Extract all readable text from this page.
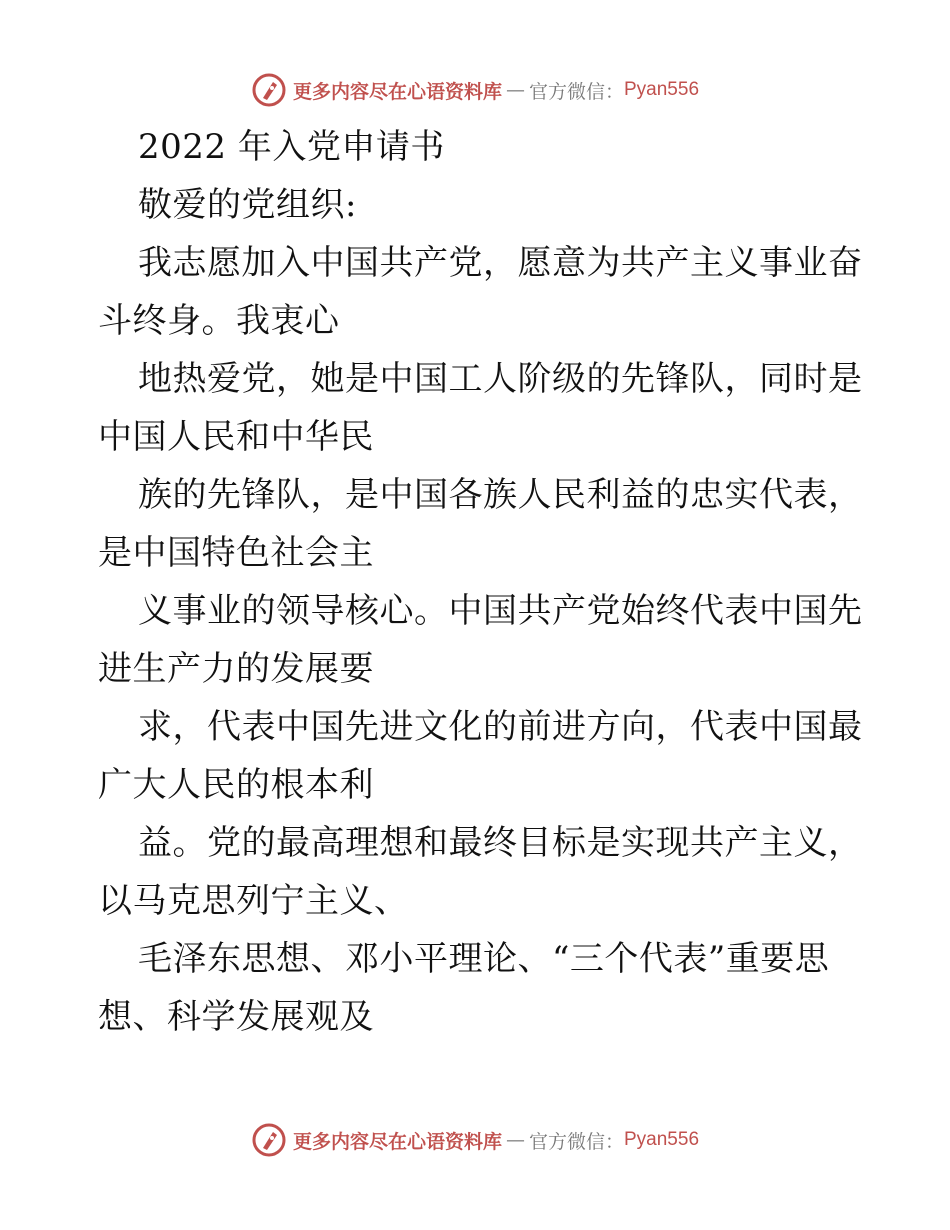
更多内容尽在心语资料库 — 官方微信： Pyan556
2022 年入党申请书
敬爱的党组织:
我志愿加入中国共产党，愿意为共产主义事业奋
斗终身。我衷心
地热爱党，她是中国工人阶级的先锋队，同时是
中国人民和中华民
族的先锋队，是中国各族人民利益的忠实代表，
是中国特色社会主
义事业的领导核心。中国共产党始终代表中国先
进生产力的发展要
求，代表中国先进文化的前进方向，代表中国最
广大人民的根本利
益。党的最高理想和最终目标是实现共产主义，
以马克思列宁主义、
毛泽东思想、邓小平理论、“三个代表”重要思
想、科学发展观及
更多内容尽在心语资料库 — 官方微信： Pyan556
